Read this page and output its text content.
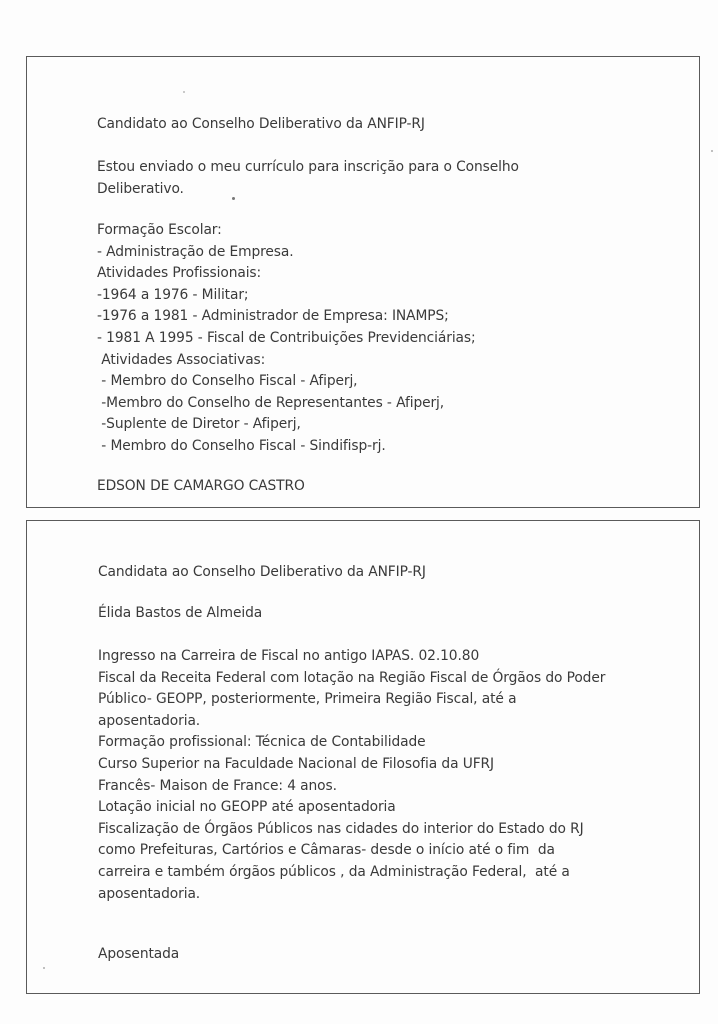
Candidato ao Conselho Deliberativo da ANFIP-RJ
Estou enviado o meu currículo para inscrição para o Conselho
Deliberativo.
Formação Escolar:
- Administração de Empresa.
Atividades Profissionais:
-1964 a 1976 - Militar;
-1976 a 1981 - Administrador de Empresa: INAMPS;
- 1981 A 1995 - Fiscal de Contribuições Previdenciárias;
Atividades Associativas:
- Membro do Conselho Fiscal - Afiperj,
-Membro do Conselho de Representantes - Afiperj,
-Suplente de Diretor - Afiperj,
- Membro do Conselho Fiscal - Sindifisp-rj.
EDSON DE CAMARGO CASTRO
Candidata ao Conselho Deliberativo da ANFIP-RJ
Élida Bastos de Almeida
Ingresso na Carreira de Fiscal no antigo IAPAS. 02.10.80
Fiscal da Receita Federal com lotação na Região Fiscal de Órgãos do Poder
Público- GEOPP, posteriormente, Primeira Região Fiscal, até a
aposentadoria.
Formação profissional: Técnica de Contabilidade
Curso Superior na Faculdade Nacional de Filosofia da UFRJ
Francês- Maison de France: 4 anos.
Lotação inicial no GEOPP até aposentadoria
Fiscalização de Órgãos Públicos nas cidades do interior do Estado do RJ
como Prefeituras, Cartórios e Câmaras- desde o início até o fim  da
carreira e também órgãos públicos , da Administração Federal,  até a
aposentadoria.
Aposentada
